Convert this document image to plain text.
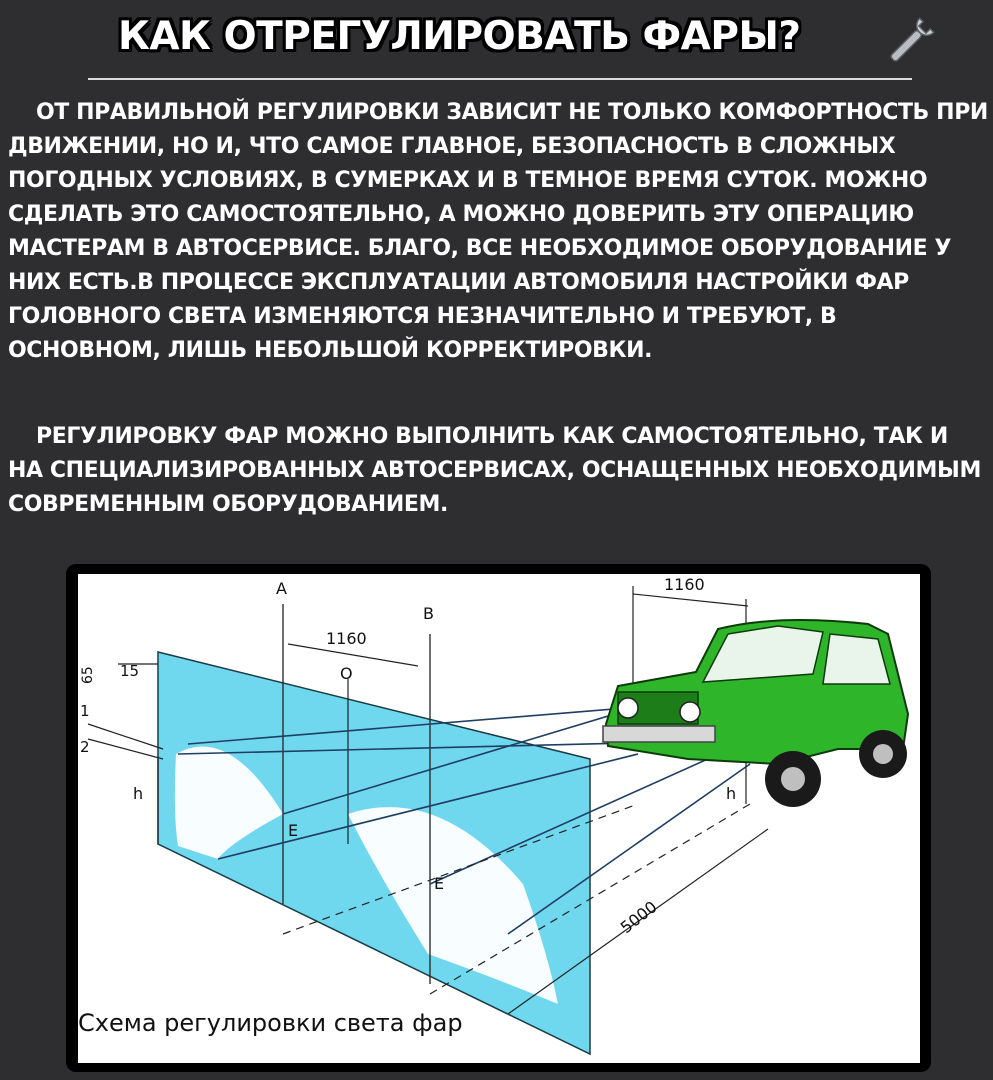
КАК ОТРЕГУЛИРОВАТЬ ФАРЫ?
ОТ ПРАВИЛЬНОЙ РЕГУЛИРОВКИ ЗАВИСИТ НЕ ТОЛЬКО КОМФОРТНОСТЬ ПРИ ДВИЖЕНИИ, НО И, ЧТО САМОЕ ГЛАВНОЕ, БЕЗОПАСНОСТЬ В СЛОЖНЫХ ПОГОДНЫХ УСЛОВИЯХ, В СУМЕРКАХ И В ТЕМНОЕ ВРЕМЯ СУТОК. МОЖНО СДЕЛАТЬ ЭТО САМОСТОЯТЕЛЬНО, А МОЖНО ДОВЕРИТЬ ЭТУ ОПЕРАЦИЮ МАСТЕРАМ В АВТОСЕРВИСЕ. БЛАГО, ВСЕ НЕОБХОДИМОЕ ОБОРУДОВАНИЕ У НИХ ЕСТЬ.В ПРОЦЕССЕ ЭКСПЛУАТАЦИИ АВТОМОБИЛЯ НАСТРОЙКИ ФАР ГОЛОВНОГО СВЕТА ИЗМЕНЯЮТСЯ НЕЗНАЧИТЕЛЬНО И ТРЕБУЮТ, В ОСНОВНОМ, ЛИШЬ НЕБОЛЬШОЙ КОРРЕКТИРОВКИ.
РЕГУЛИРОВКУ ФАР МОЖНО ВЫПОЛНИТЬ КАК САМОСТОЯТЕЛЬНО, ТАК И НА СПЕЦИАЛИЗИРОВАННЫХ АВТОСЕРВИСАХ, ОСНАЩЕННЫХ НЕОБХОДИМЫМ СОВРЕМЕННЫМ ОБОРУДОВАНИЕМ.
A
B
O
E
E
h	h
1160
1160
5000
65 15
1
2
Схема регулировки света фар
